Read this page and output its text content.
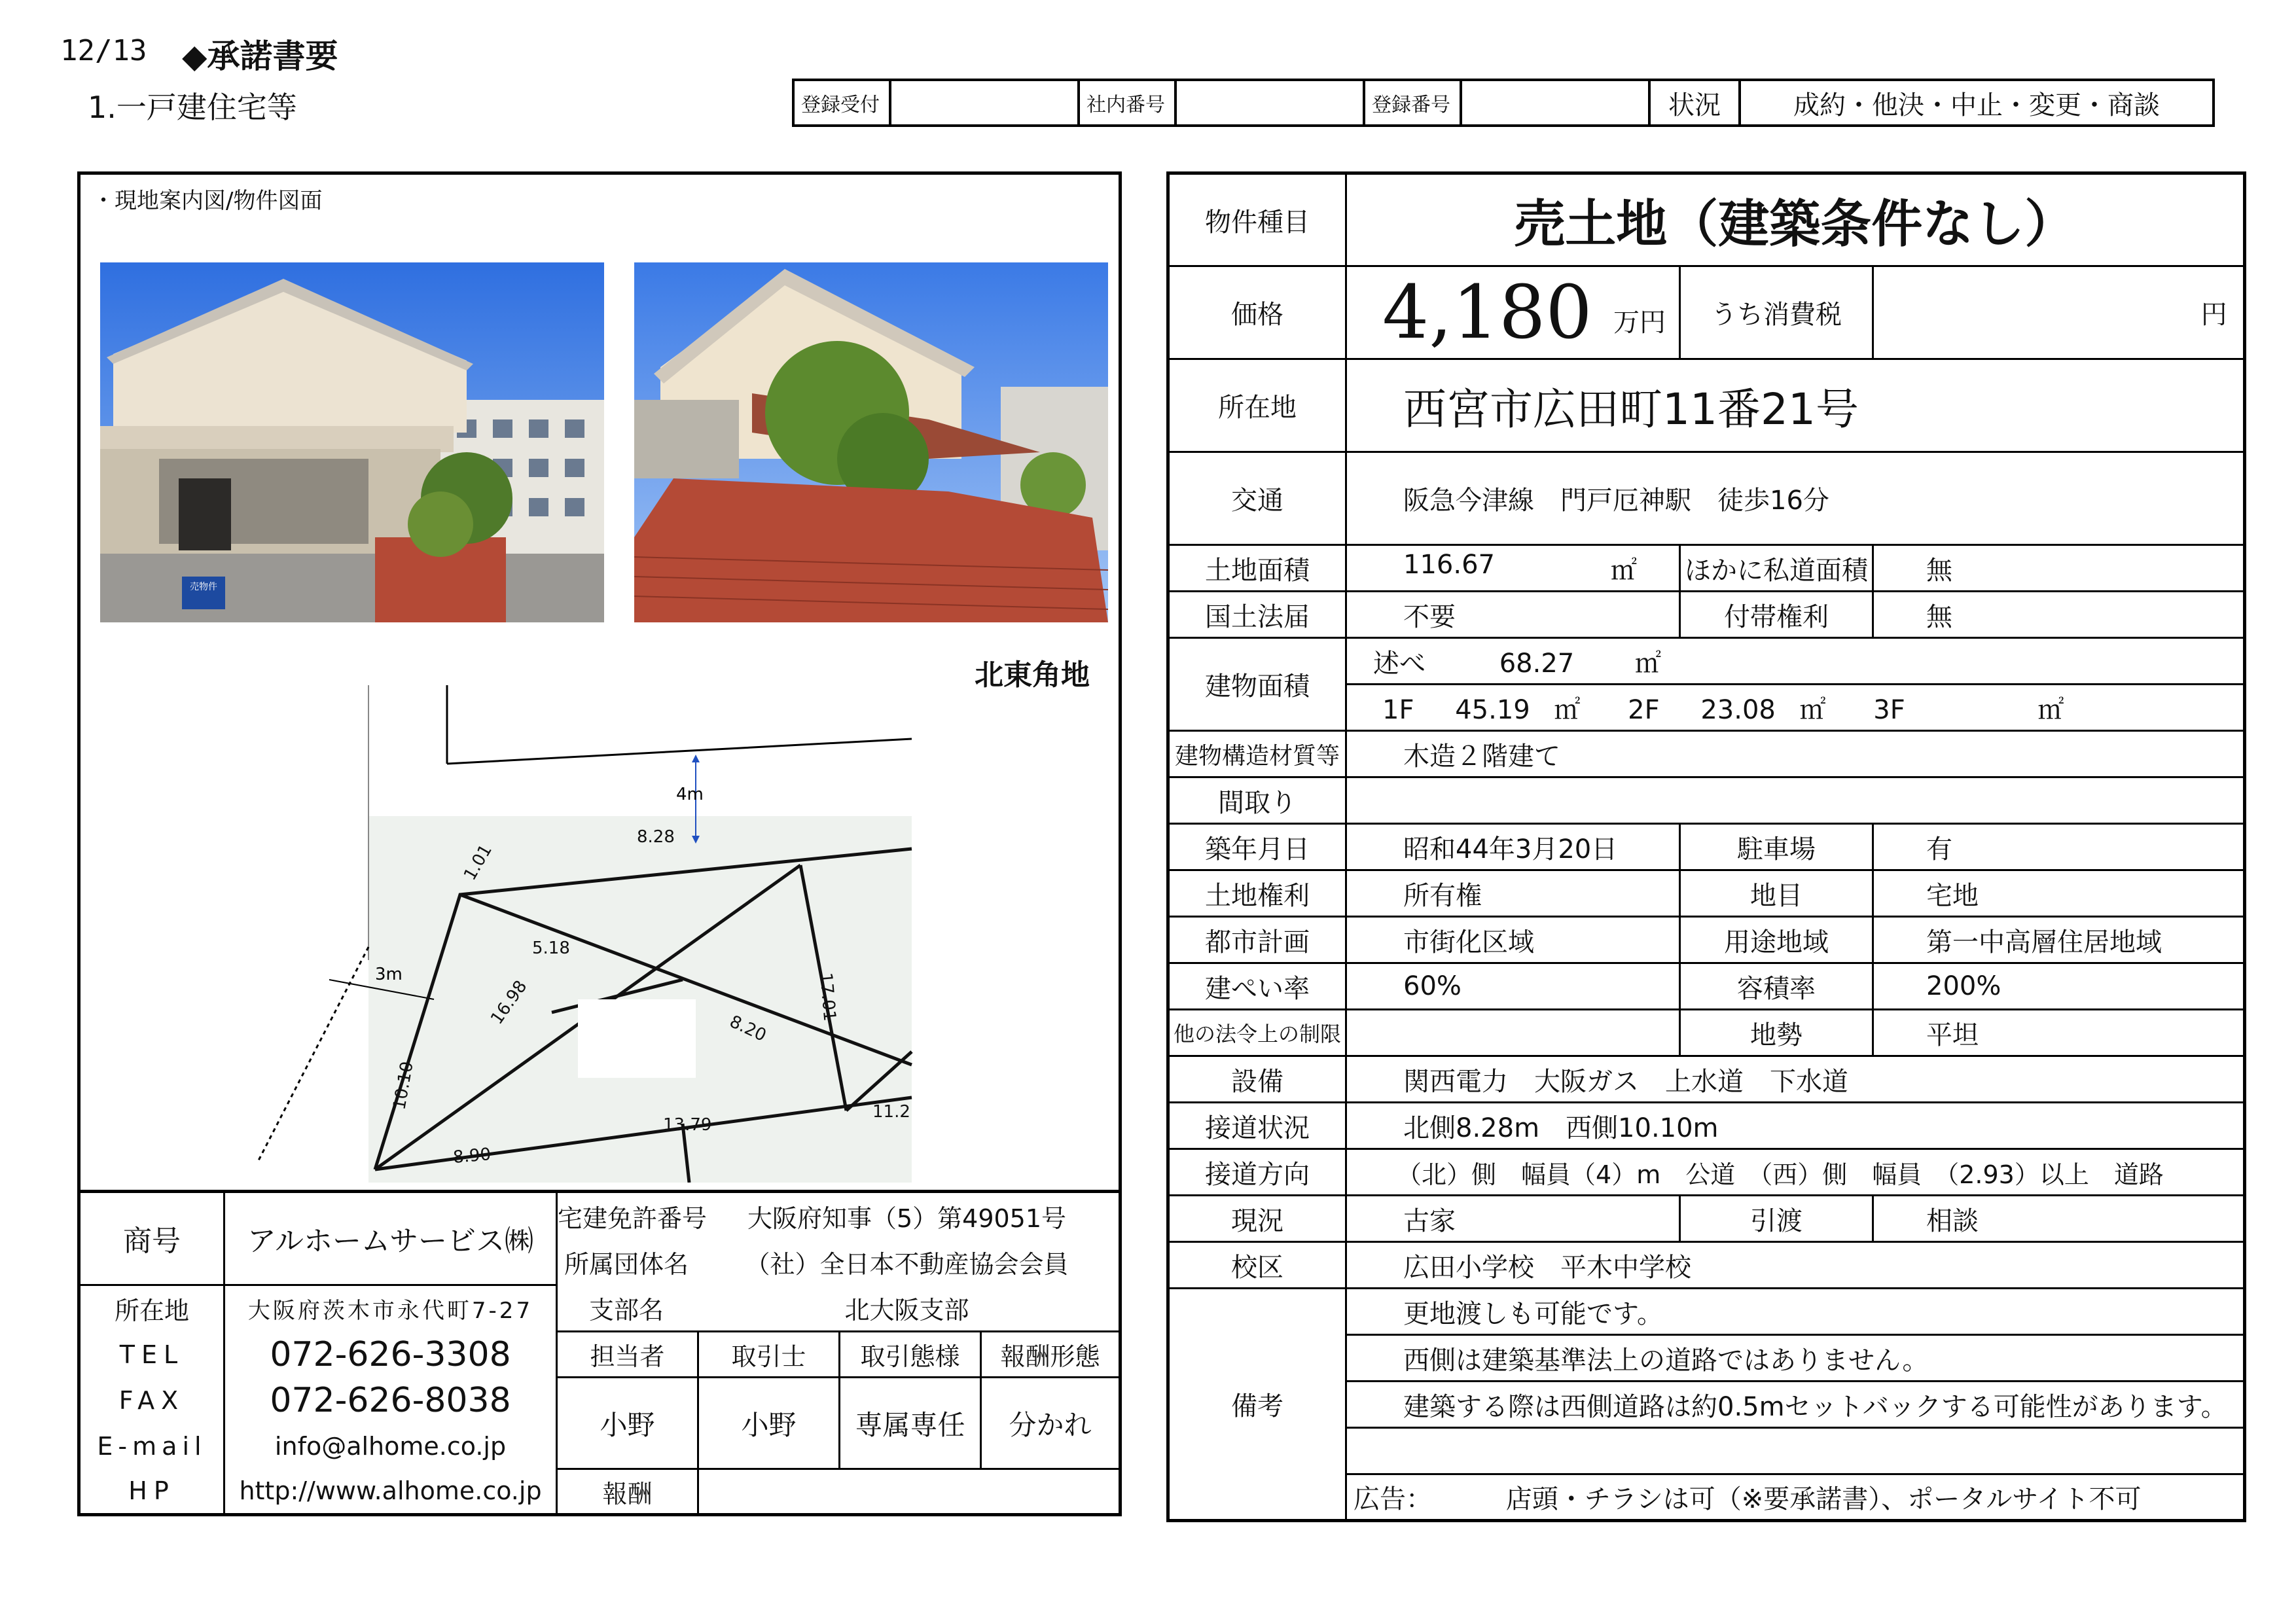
12/13 ◆承諾書要
1.一戸建住宅等	登録受付		社内番号		登録番号		状況	成約・他決・中止・変更・商談
・現地案内図/物件図面
売物件
北東角地
4m
3m
8.28
5.18
16.98
8.20
10.10
8.90
13.79
11.2
1.01
17.01
商号	アルホームサービス㈱	宅建免許番号 大阪府知事（5）第49051号			

		所属団体名 （社）全日本不動産協会会員			

所在地	大阪府茨木市永代町7-27	支部名 北大阪支部			

TEL	072-626-3308	担当者	取引士	取引態様	報酬形態
FAX	072-626-8038	小野	小野	専属専任	分かれ
E-mail	info@alhome.co.jp				
HP	http://www.alhome.co.jp	報酬			
物件種目	売土地（建築条件なし）		
価格	4,180 万円	うち消費税	円
所在地	西宮市広田町11番21号		
交通	阪急今津線　門戸厄神駅　徒歩16分		
土地面積	116.67 ㎡	ほかに私道面積	無
国土法届	不要	付帯権利	無
建物面積	述べ 68.27 ㎡		
	1F 45.19 ㎡ 2F 23.08 ㎡ 3F ㎡		
建物構造材質等	木造２階建て		
間取り			
築年月日	昭和44年3月20日	駐車場	有
土地権利	所有権	地目	宅地
都市計画	市街化区域	用途地域	第一中高層住居地域
建ぺい率	60%	容積率	200%
他の法令上の制限		地勢	平坦
設備	関西電力　大阪ガス　上水道　下水道		
接道状況	北側8.28m　西側10.10m		
接道方向	（北）側　幅員（4）m　公道　（西）側　幅員　（2.93）以上　道路		
現況	古家	引渡	相談
校区	広田小学校　平木中学校		
備考	更地渡しも可能です。		
	西側は建築基準法上の道路ではありません。		
	建築する際は西側道路は約0.5mセットバックする可能性があります。		

	広告： 店頭・チラシは可（※要承諾書）、ポータルサイト不可		
